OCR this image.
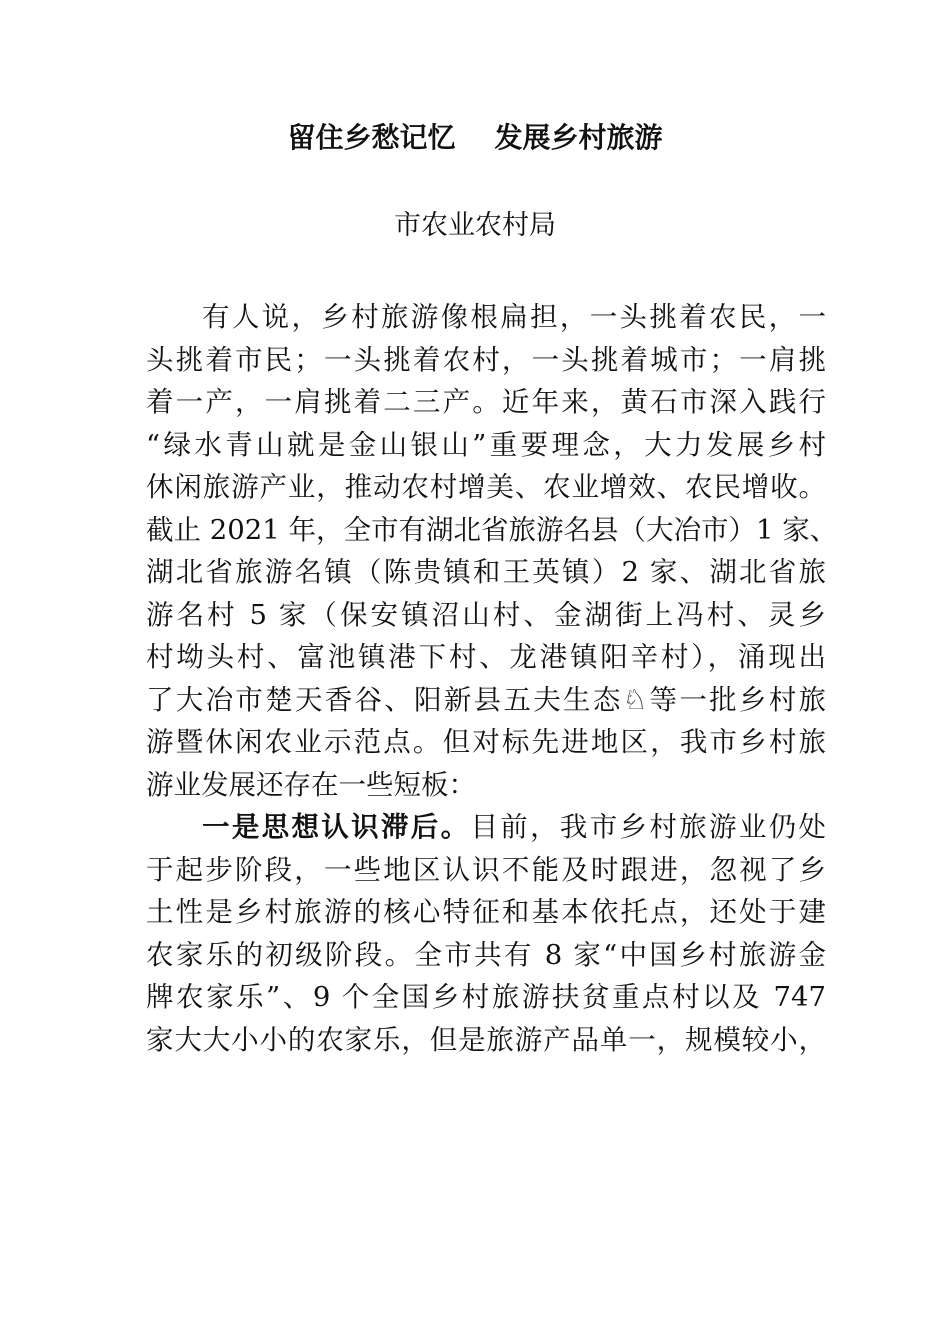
留住乡愁记忆    发展乡村旅游
市农业农村局
有人说，乡村旅游像根扁担，一头挑着农民，一
头挑着市民；一头挑着农村，一头挑着城市；一肩挑
着一产，一肩挑着二三产。近年来，黄石市深入践行
“绿水青山就是金山银山”重要理念，大力发展乡村
休闲旅游产业，推动农村增美、农业增效、农民增收。
截止 2021 年，全市有湖北省旅游名县（大冶市）1 家、
湖北省旅游名镇（陈贵镇和王英镇）2 家、湖北省旅
游名村 5 家（保安镇沼山村、金湖街上冯村、灵乡
村坳头村、富池镇港下村、龙港镇阳辛村），涌现出
了大冶市楚天香谷、阳新县五夫生态♘等一批乡村旅
游暨休闲农业示范点。但对标先进地区，我市乡村旅
游业发展还存在一些短板：
一是思想认识滞后。目前，我市乡村旅游业仍处
于起步阶段，一些地区认识不能及时跟进，忽视了乡
土性是乡村旅游的核心特征和基本依托点，还处于建
农家乐的初级阶段。全市共有 8 家“中国乡村旅游金
牌农家乐”、9 个全国乡村旅游扶贫重点村以及 747
家大大小小的农家乐，但是旅游产品单一，规模较小，
